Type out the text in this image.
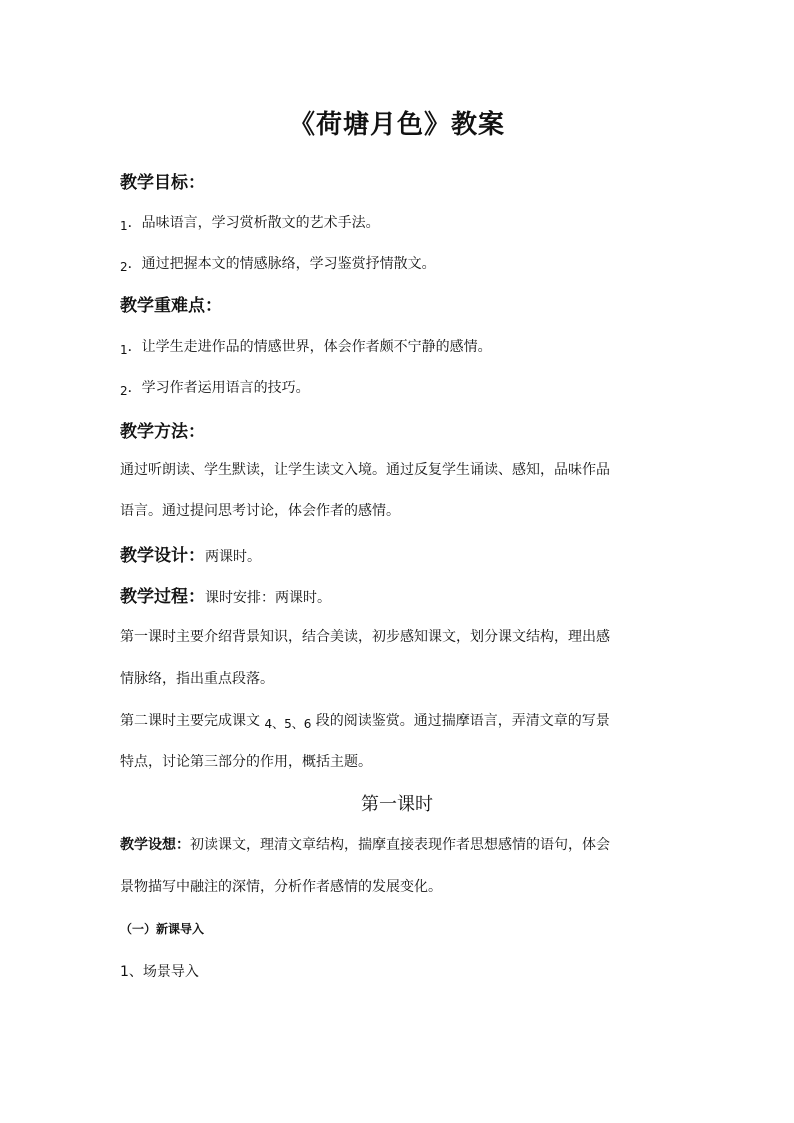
《荷塘月色》教案
教学目标：
1．品味语言，学习赏析散文的艺术手法。
2．通过把握本文的情感脉络，学习鉴赏抒情散文。
教学重难点：
1．让学生走进作品的情感世界，体会作者颇不宁静的感情。
2．学习作者运用语言的技巧。
教学方法：
通过听朗读、学生默读，让学生读文入境。通过反复学生诵读、感知，品味作品
语言。通过提问思考讨论，体会作者的感情。
教学设计：两课时。
教学过程：课时安排：两课时。
第一课时主要介绍背景知识，结合美读，初步感知课文，划分课文结构，理出感
情脉络，指出重点段落。
第二课时主要完成课文 4、5、6 段的阅读鉴赏。通过揣摩语言，弄清文章的写景
特点，讨论第三部分的作用，概括主题。
第一课时
教学设想：初读课文，理清文章结构，揣摩直接表现作者思想感情的语句，体会
景物描写中融注的深情，分析作者感情的发展变化。
（一）新课导入
1、场景导入
